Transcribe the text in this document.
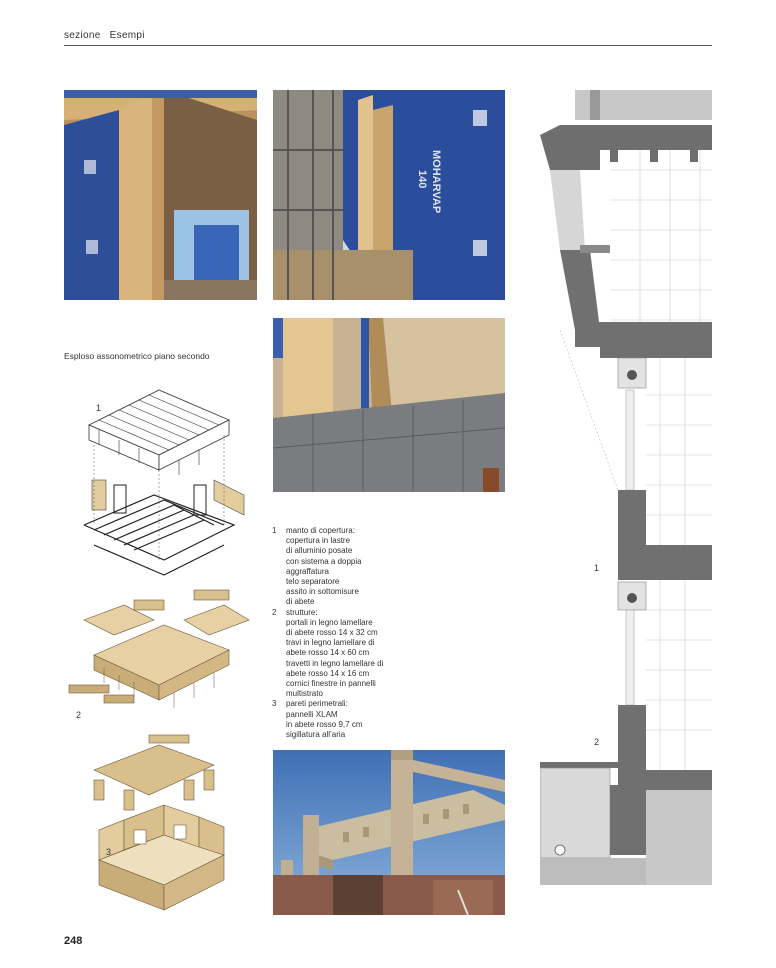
sezione Esempi
MOHARVAP
140
Esploso assonometrico piano secondo
1
2
3
1	manto di copertura:
copertura in lastre
di alluminio posate
con sistema a doppia
aggraffatura
telo separatore
assito in sottomisure
di abete
2	strutture:
portali in legno lamellare
di abete rosso 14 x 32 cm
travi in legno lamellare di
abete rosso 14 x 60 cm
travetti in legno lamellare di
abete rosso 14 x 16 cm
cornici finestre in pannelli
multistrato
3	pareti perimetrali:
pannelli XLAM
in abete rosso 9,7 cm
sigillatura all’aria
1
2
248
